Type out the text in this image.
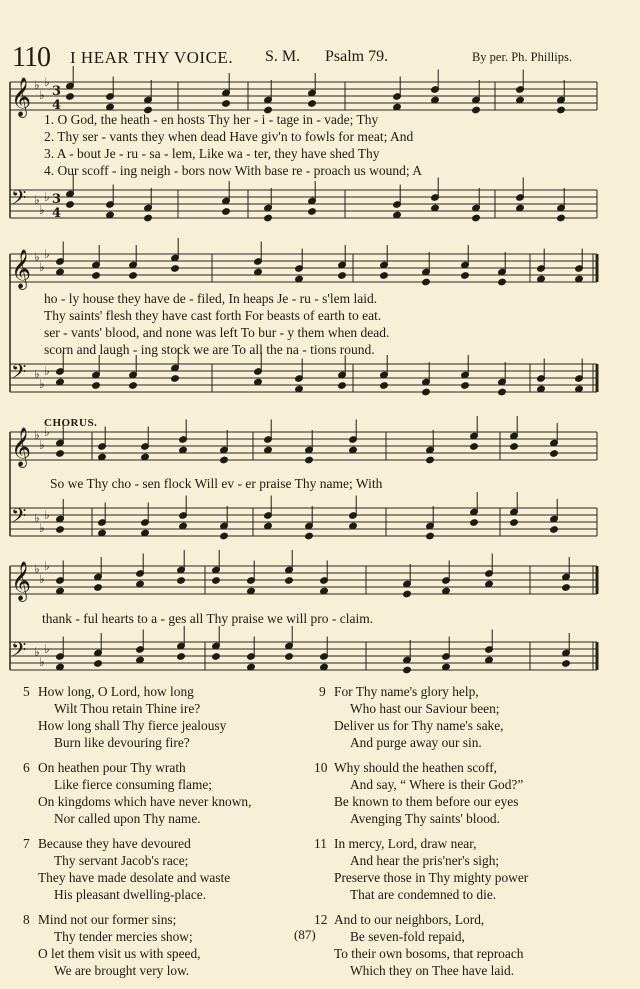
110 I HEAR THY VOICE. S. M. Psalm 79.	By per. Ph. Phillips.
𝄞 ♭
♭
♭
3
4
𝄢 ♭
♭
♭ 3
4
𝄞 ♭
♭
♭
𝄢 ♭
♭
♭
𝄞 ♭
♭
♭
𝄢 ♭
♭
♭
𝄞 ♭
♭
♭
𝄢 ♭
♭
♭
1. O God, the heath - en hosts Thy her - i - tage in - vade; Thy
2. Thy ser - vants they when dead Have giv'n to fowls for meat; And
3. A - bout Je - ru - sa - lem, Like wa - ter, they have shed Thy
4. Our scoff - ing neigh - bors now With base re - proach us wound; A
ho - ly house they have de - filed, In heaps Je - ru - s'lem laid.
Thy saints' flesh they have cast forth For beasts of earth to eat.
ser - vants' blood, and none was left To bur - y them when dead.
scorn and laugh - ing stock we are To all the na - tions round.
CHORUS.
So we Thy cho - sen flock Will ev - er praise Thy name; With
thank - ful hearts to a - ges all Thy praise we will pro - claim.
5 How long, O Lord, how long
Wilt Thou retain Thine ire?
How long shall Thy fierce jealousy
Burn like devouring fire?
6 On heathen pour Thy wrath
Like fierce consuming flame;
On kingdoms which have never known,
Nor called upon Thy name.
7 Because they have devoured
Thy servant Jacob's race;
They have made desolate and waste
His pleasant dwelling-place.
8 Mind not our former sins;
Thy tender mercies show;
O let them visit us with speed,
We are brought very low.
9 For Thy name's glory help,
Who hast our Saviour been;
Deliver us for Thy name's sake,
And purge away our sin.
10 Why should the heathen scoff,
And say, “ Where is their God?”
Be known to them before our eyes
Avenging Thy saints' blood.
11 In mercy, Lord, draw near,
And hear the pris'ner's sigh;
Preserve those in Thy mighty power
That are condemned to die.
12 And to our neighbors, Lord,
Be seven-fold repaid,
To their own bosoms, that reproach
Which they on Thee have laid.
(87)
